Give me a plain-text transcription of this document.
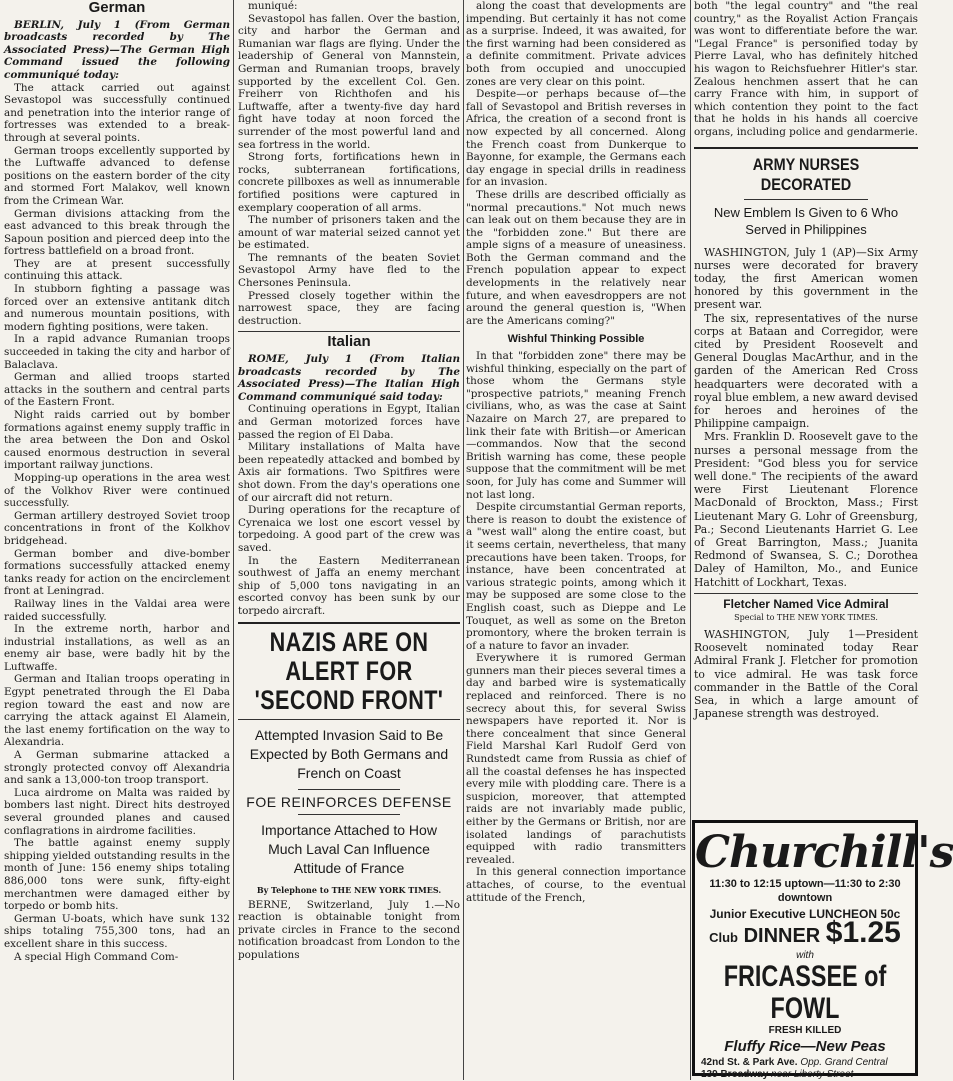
German

BERLIN, July 1 (From German broadcasts recorded by The Associated Press)—The German High Command issued the following communiqué today:

The attack carried out against Sevastopol was successfully continued and penetration into the interior range of fortresses was extended to a break-through at several points.

German troops excellently supported by the Luftwaffe advanced to defense positions on the eastern border of the city and stormed Fort Malakov, well known from the Crimean War.

German divisions attacking from the east advanced to this break through the Sapoun position and pierced deep into the fortress battlefield on a broad front.

They are at present successfully continuing this attack.

In stubborn fighting a passage was forced over an extensive antitank ditch and numerous mountain positions, with modern fighting positions, were taken.

In a rapid advance Rumanian troops succeeded in taking the city and harbor of Balaclava.

German and allied troops started attacks in the southern and central parts of the Eastern Front.

Night raids carried out by bomber formations against enemy supply traffic in the area between the Don and Oskol caused enormous destruction in several important railway junctions.

Mopping-up operations in the area west of the Volkhov River were continued successfully.

German artillery destroyed Soviet troop concentrations in front of the Kolkhov bridgehead.

German bomber and dive-bomber formations successfully attacked enemy tanks ready for action on the encirclement front at Leningrad.

Railway lines in the Valdai area were raided successfully.

In the extreme north, harbor and industrial installations, as well as an enemy air base, were badly hit by the Luftwaffe.

German and Italian troops operating in Egypt penetrated through the El Daba region toward the east and now are carrying the attack against El Alamein, the last enemy fortification on the way to Alexandria.

A German submarine attacked a strongly protected convoy off Alexandria and sank a 13,000-ton troop transport.

Luca airdrome on Malta was raided by bombers last night. Direct hits destroyed several grounded planes and caused conflagrations in airdrome facilities.

The battle against enemy supply shipping yielded outstanding results in the month of June: 156 enemy ships totaling 886,000 tons were sunk, fifty-eight merchantmen were damaged either by torpedo or bomb hits.

German U-boats, which have sunk 132 ships totaling 755,300 tons, had an excellent share in this success.

A special High Command Com-

muniqué:

Sevastopol has fallen. Over the bastion, city and harbor the German and Rumanian war flags are flying. Under the leadership of General von Mannstein, German and Rumanian troops, bravely supported by the excellent Col. Gen. Freiherr von Richthofen and his Luftwaffe, after a twenty-five day hard fight have today at noon forced the surrender of the most powerful land and sea fortress in the world.

Strong forts, fortifications hewn in rocks, subterranean fortifications, concrete pillboxes as well as innumerable fortified positions were captured in exemplary cooperation of all arms.

The number of prisoners taken and the amount of war material seized cannot yet be estimated.

The remnants of the beaten Soviet Sevastopol Army have fled to the Chersones Peninsula.

Pressed closely together within the narrowest space, they are facing destruction.

Italian

ROME, July 1 (From Italian broadcasts recorded by The Associated Press)—The Italian High Command communiqué said today:

Continuing operations in Egypt, Italian and German motorized forces have passed the region of El Daba.

Military installations of Malta have been repeatedly attacked and bombed by Axis air formations. Two Spitfires were shot down. From the day's operations one of our aircraft did not return.

During operations for the recapture of Cyrenaica we lost one escort vessel by torpedoing. A good part of the crew was saved.

In the Eastern Mediterranean southwest of Jaffa an enemy merchant ship of 5,000 tons navigating in an escorted convoy has been sunk by our torpedo aircraft.

NAZIS ARE ON ALERT FOR 'SECOND FRONT'
Attempted Invasion Said to Be Expected by Both Germans and French on Coast
FOE REINFORCES DEFENSE
Importance Attached to How Much Laval Can Influence Attitude of France
By Telephone to THE NEW YORK TIMES.

BERNE, Switzerland, July 1.—No reaction is obtainable tonight from private circles in France to the second notification broadcast from London to the populations

along the coast that developments are impending. But certainly it has not come as a surprise. Indeed, it was awaited, for the first warning had been considered as a definite commitment. Private advices both from occupied and unoccupied zones are very clear on this point.

Despite—or perhaps because of—the fall of Sevastopol and British reverses in Africa, the creation of a second front is now expected by all concerned. Along the French coast from Dunkerque to Bayonne, for example, the Germans each day engage in special drills in readiness for an invasion.

These drills are described officially as "normal precautions." Not much news can leak out on them because they are in the "forbidden zone." But there are ample signs of a measure of uneasiness. Both the German command and the French population appear to expect developments in the relatively near future, and when eavesdroppers are not around the general question is, "When are the Americans coming?"

Wishful Thinking Possible

In that "forbidden zone" there may be wishful thinking, especially on the part of those whom the Germans style "prospective patriots," meaning French civilians, who, as was the case at Saint Nazaire on March 27, are prepared to link their fate with British—or American—commandos. Now that the second British warning has come, these people suppose that the commitment will be met soon, for July has come and Summer will not last long.

Despite circumstantial German reports, there is reason to doubt the existence of a "west wall" along the entire coast, but it seems certain, nevertheless, that many precautions have been taken. Troops, for instance, have been concentrated at various strategic points, among which it may be supposed are some close to the English coast, such as Dieppe and Le Touquet, as well as some on the Breton promontory, where the broken terrain is of a nature to favor an invader.

Everywhere it is rumored German gunners man their pieces several times a day and barbed wire is systematically replaced and reinforced. There is no secrecy about this, for several Swiss newspapers have reported it. Nor is there concealment that since General Field Marshal Karl Rudolf Gerd von Rundstedt came from Russia as chief of all the coastal defenses he has inspected every mile with plodding care. There is a suspicion, moreover, that attempted raids are not invariably made public, either by the Germans or British, nor are isolated landings of parachutists equipped with radio transmitters revealed.

In this general connection importance attaches, of course, to the eventual attitude of the French,

both "the legal country" and "the real country," as the Royalist Action Français was wont to differentiate before the war. "Legal France" is personified today by Pierre Laval, who has definitely hitched his wagon to Reichsfuehrer Hitler's star. Zealous henchmen assert that he can carry France with him, in support of which contention they point to the fact that he holds in his hands all coercive organs, including police and gendarmerie.

ARMY NURSES DECORATED
New Emblem Is Given to 6 Who Served in Philippines

WASHINGTON, July 1 (AP)—Six Army nurses were decorated for bravery today, the first American women honored by this government in the present war.

The six, representatives of the nurse corps at Bataan and Corregidor, were cited by President Roosevelt and General Douglas MacArthur, and in the garden of the American Red Cross headquarters were decorated with a royal blue emblem, a new award devised for heroes and heroines of the Philippine campaign.

Mrs. Franklin D. Roosevelt gave to the nurses a personal message from the President: "God bless you for service well done." The recipients of the award were First Lieutenant Florence MacDonald of Brockton, Mass.; First Lieutenant Mary G. Lohr of Greensburg, Pa.; Second Lieutenants Harriet G. Lee of Great Barrington, Mass.; Juanita Redmond of Swansea, S. C.; Dorothea Daley of Hamilton, Mo., and Eunice Hatchitt of Lockhart, Texas.

Fletcher Named Vice Admiral
Special to THE NEW YORK TIMES.

WASHINGTON, July 1—President Roosevelt nominated today Rear Admiral Frank J. Fletcher for promotion to vice admiral. He was task force commander in the Battle of the Coral Sea, in which a large amount of Japanese strength was destroyed.

Churchill's
11:30 to 12:15 uptown—11:30 to 2:30 downtown
Junior Executive LUNCHEON 50c
Club DINNER $1.25
with
FRICASSEE of FOWL
FRESH KILLED
Fluffy Rice—New Peas
42nd St. & Park Ave. Opp. Grand Central
139 Broadway near Liberty Street
